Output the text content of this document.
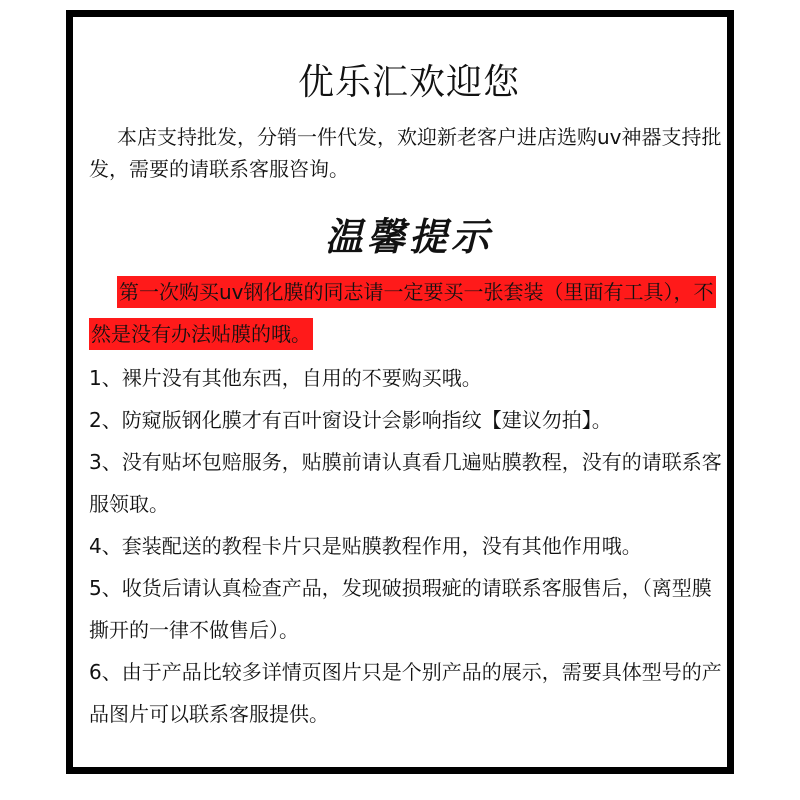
优乐汇欢迎您
本店支持批发，分销一件代发，欢迎新老客户进店选购uv神器支持批发，需要的请联系客服咨询。
温馨提示
第一次购买uv钢化膜的同志请一定要买一张套装（里面有工具），不然是没有办法贴膜的哦。

1、裸片没有其他东西，自用的不要购买哦。

2、防窥版钢化膜才有百叶窗设计会影响指纹【建议勿拍】。

3、没有贴坏包赔服务，贴膜前请认真看几遍贴膜教程，没有的请联系客服领取。

4、套装配送的教程卡片只是贴膜教程作用，没有其他作用哦。

5、收货后请认真检查产品，发现破损瑕疵的请联系客服售后，（离型膜撕开的一律不做售后）。

6、由于产品比较多详情页图片只是个别产品的展示，需要具体型号的产品图片可以联系客服提供。
